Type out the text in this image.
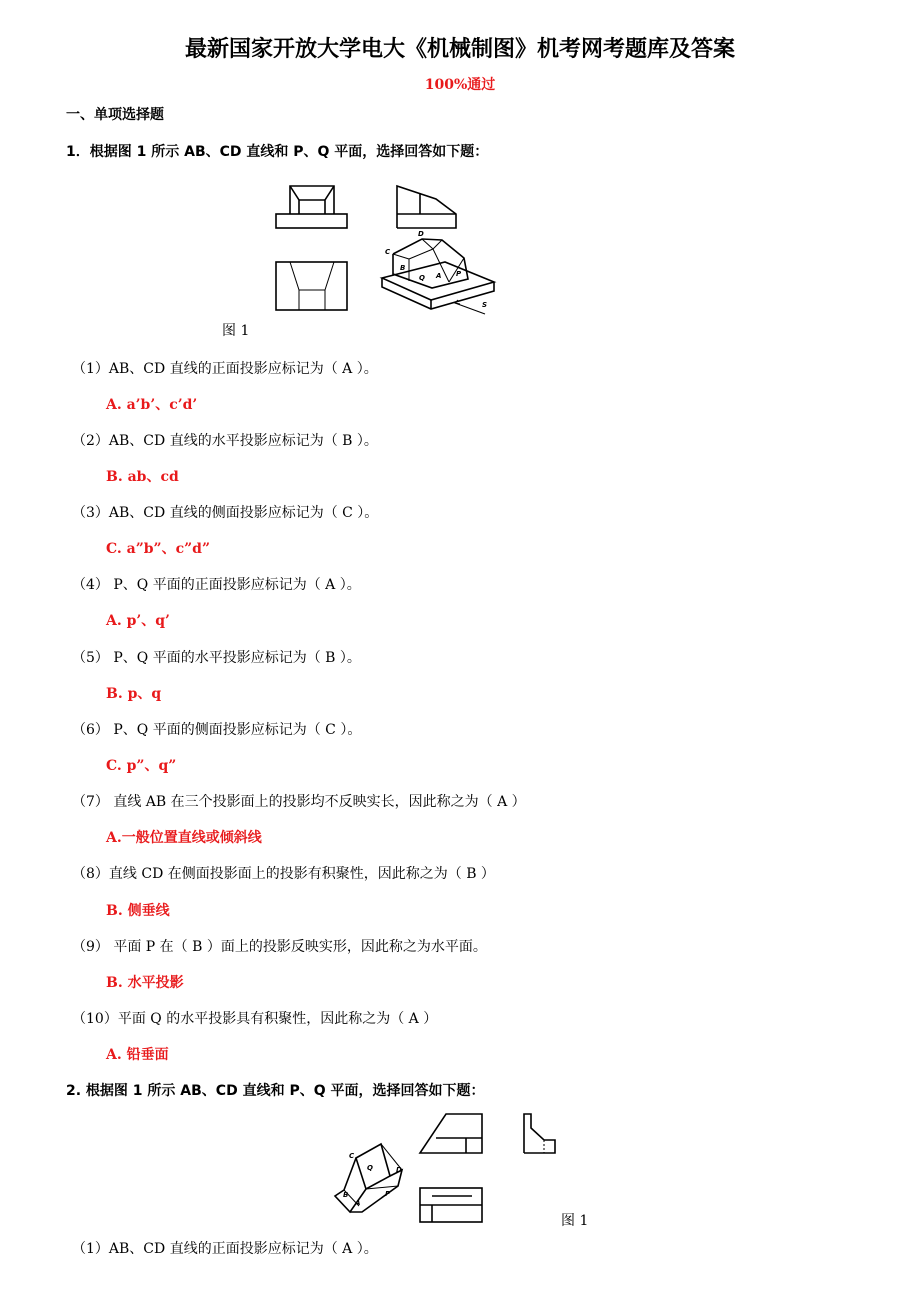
最新国家开放大学电大《机械制图》机考网考题库及答案
100%通过
一、单项选择题
1．根据图 1 所示 AB、CD 直线和 P、Q 平面，选择回答如下题：
C
D
B
Q A P
S
Q	D
C
B
A
P
图 1
（1）AB、CD 直线的正面投影应标记为（ A ）。
A. a’b’、c’d’
（2）AB、CD 直线的水平投影应标记为（ B ）。
B. ab、cd
（3）AB、CD 直线的侧面投影应标记为（ C ）。
C. a”b”、c”d”
（4） P、Q 平面的正面投影应标记为（ A ）。
A. p’、q’
（5） P、Q 平面的水平投影应标记为（ B ）。
B. p、q
（6） P、Q 平面的侧面投影应标记为（ C ）。
C. p”、q”
（7） 直线 AB 在三个投影面上的投影均不反映实长，因此称之为（ A ）
A.一般位置直线或倾斜线
（8）直线 CD 在侧面投影面上的投影有积聚性，因此称之为（ B ）
B. 侧垂线
（9） 平面 P 在（ B ）面上的投影反映实形，因此称之为水平面。
B. 水平投影
（10）平面 Q 的水平投影具有积聚性，因此称之为（ A ）
A. 铅垂面
2. 根据图 1 所示 AB、CD 直线和 P、Q 平面，选择回答如下题：
图 1
（1）AB、CD 直线的正面投影应标记为（ A ）。
